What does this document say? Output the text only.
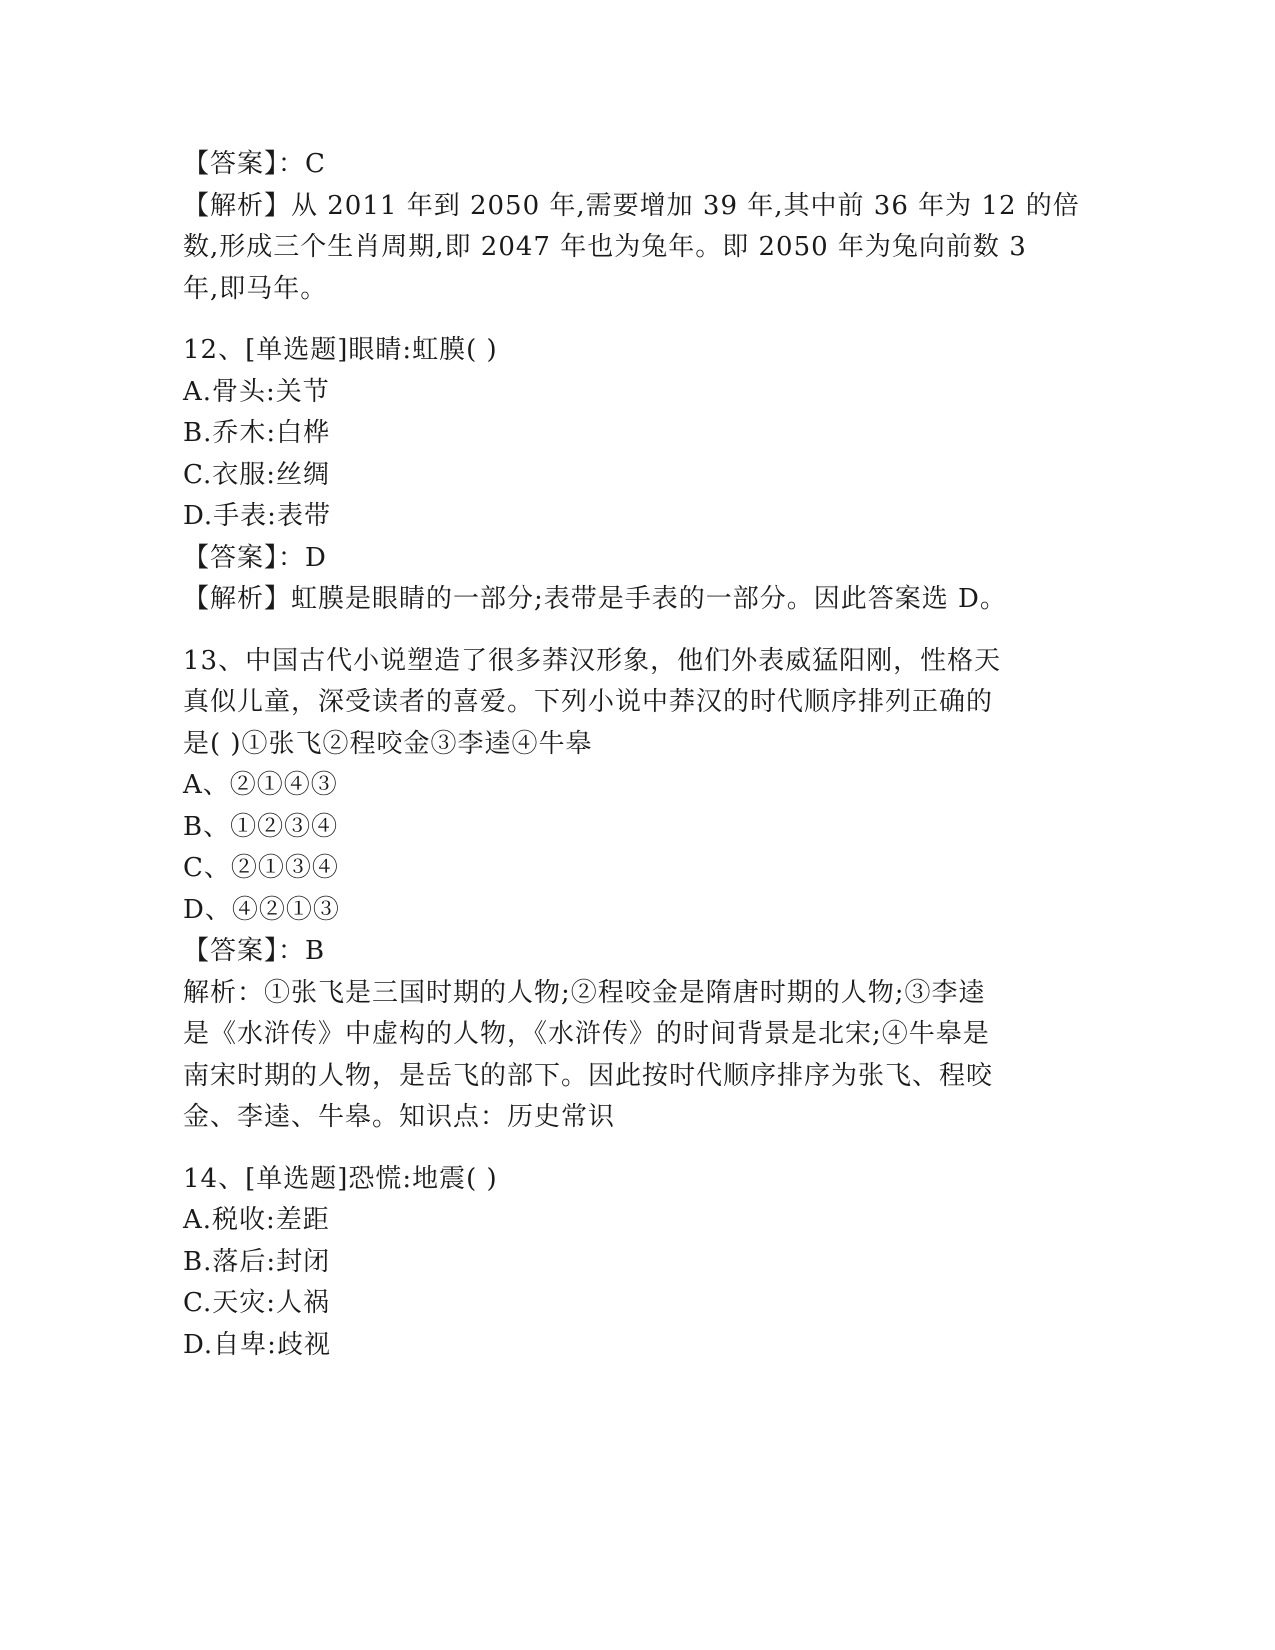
【答案】：C
【解析】从 2011 年到 2050 年,需要增加 39 年,其中前 36 年为 12 的倍
数,形成三个生肖周期,即 2047 年也为兔年。即 2050 年为兔向前数 3
年,即马年。
12、[单选题]眼睛:虹膜( )
A.骨头:关节
B.乔木:白桦
C.衣服:丝绸
D.手表:表带
【答案】：D
【解析】虹膜是眼睛的一部分;表带是手表的一部分。因此答案选 D。
13、中国古代小说塑造了很多莽汉形象，他们外表威猛阳刚，性格天
真似儿童，深受读者的喜爱。下列小说中莽汉的时代顺序排列正确的
是( )①张飞②程咬金③李逵④牛皋
A、②①④③
B、①②③④
C、②①③④
D、④②①③
【答案】：B
解析：①张飞是三国时期的人物;②程咬金是隋唐时期的人物;③李逵
是《水浒传》中虚构的人物，《水浒传》的时间背景是北宋;④牛皋是
南宋时期的人物，是岳飞的部下。因此按时代顺序排序为张飞、程咬
金、李逵、牛皋。知识点：历史常识
14、[单选题]恐慌:地震( )
A.税收:差距
B.落后:封闭
C.天灾:人祸
D.自卑:歧视
